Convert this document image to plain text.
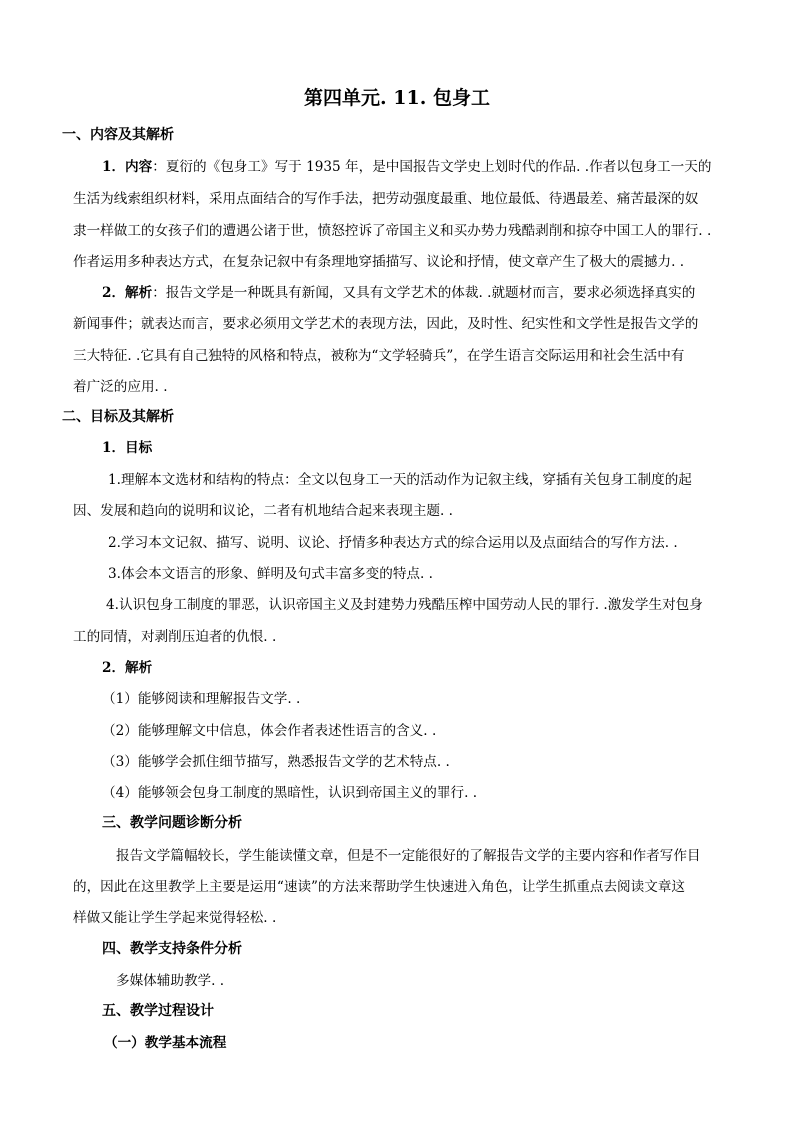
第四单元. 11. 包身工
一、内容及其解析
1．内容：夏衍的《包身工》写于 1935 年，是中国报告文学史上划时代的作品. .作者以包身工一天的
生活为线索组织材料，采用点面结合的写作手法，把劳动强度最重、地位最低、待遇最差、痛苦最深的奴
隶一样做工的女孩子们的遭遇公诸于世，愤怒控诉了帝国主义和买办势力残酷剥削和掠夺中国工人的罪行. .
作者运用多种表达方式，在复杂记叙中有条理地穿插描写、议论和抒情，使文章产生了极大的震撼力. .
2．解析：报告文学是一种既具有新闻，又具有文学艺术的体裁. .就题材而言，要求必须选择真实的
新闻事件；就表达而言，要求必须用文学艺术的表现方法，因此，及时性、纪实性和文学性是报告文学的
三大特征. .它具有自己独特的风格和特点，被称为“文学轻骑兵”，在学生语言交际运用和社会生活中有
着广泛的应用. .
二、目标及其解析
1．目标
1.理解本文选材和结构的特点：全文以包身工一天的活动作为记叙主线，穿插有关包身工制度的起
因、发展和趋向的说明和议论，二者有机地结合起来表现主题. .
2.学习本文记叙、描写、说明、议论、抒情多种表达方式的综合运用以及点面结合的写作方法. .
3.体会本文语言的形象、鲜明及句式丰富多变的特点. .
4.认识包身工制度的罪恶，认识帝国主义及封建势力残酷压榨中国劳动人民的罪行. .激发学生对包身
工的同情，对剥削压迫者的仇恨. .
2．解析
（1）能够阅读和理解报告文学. .
（2）能够理解文中信息，体会作者表述性语言的含义. .
（3）能够学会抓住细节描写，熟悉报告文学的艺术特点. .
（4）能够领会包身工制度的黑暗性，认识到帝国主义的罪行. .
三、教学问题诊断分析
报告文学篇幅较长，学生能读懂文章，但是不一定能很好的了解报告文学的主要内容和作者写作目
的，因此在这里教学上主要是运用“速读”的方法来帮助学生快速进入角色，让学生抓重点去阅读文章这
样做又能让学生学起来觉得轻松. .
四、教学支持条件分析
多媒体辅助教学. .
五、教学过程设计
（一）教学基本流程
